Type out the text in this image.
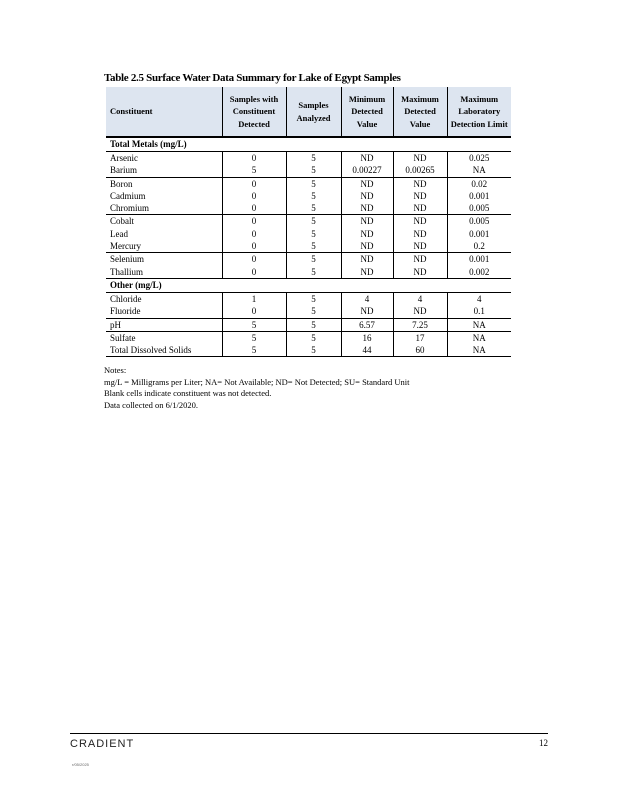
Table 2.5 Surface Water Data Summary for Lake of Egypt Samples
Constituent	Samples with Constituent Detected	Samples Analyzed	Minimum Detected Value	Maximum Detected Value	Maximum Laboratory Detection Limit
Total Metals (mg/L)					
Arsenic	0	5	ND	ND	0.025
Barium	5	5	0.00227	0.00265	NA
Boron	0	5	ND	ND	0.02
Cadmium	0	5	ND	ND	0.001
Chromium	0	5	ND	ND	0.005
Cobalt	0	5	ND	ND	0.005
Lead	0	5	ND	ND	0.001
Mercury	0	5	ND	ND	0.2
Selenium	0	5	ND	ND	0.001
Thallium	0	5	ND	ND	0.002
Other (mg/L)					
Chloride	1	5	4	4	4
Fluoride	0	5	ND	ND	0.1
pH	5	5	6.57	7.25	NA
Sulfate	5	5	16	17	NA
Total Dissolved Solids	5	5	44	60	NA
Notes:
mg/L = Milligrams per Liter; NA= Not Available; ND= Not Detected; SU= Standard Unit
Blank cells indicate constituent was not detected.
Data collected on 6/1/2020.
CRADIENT	12
r/05/2025
